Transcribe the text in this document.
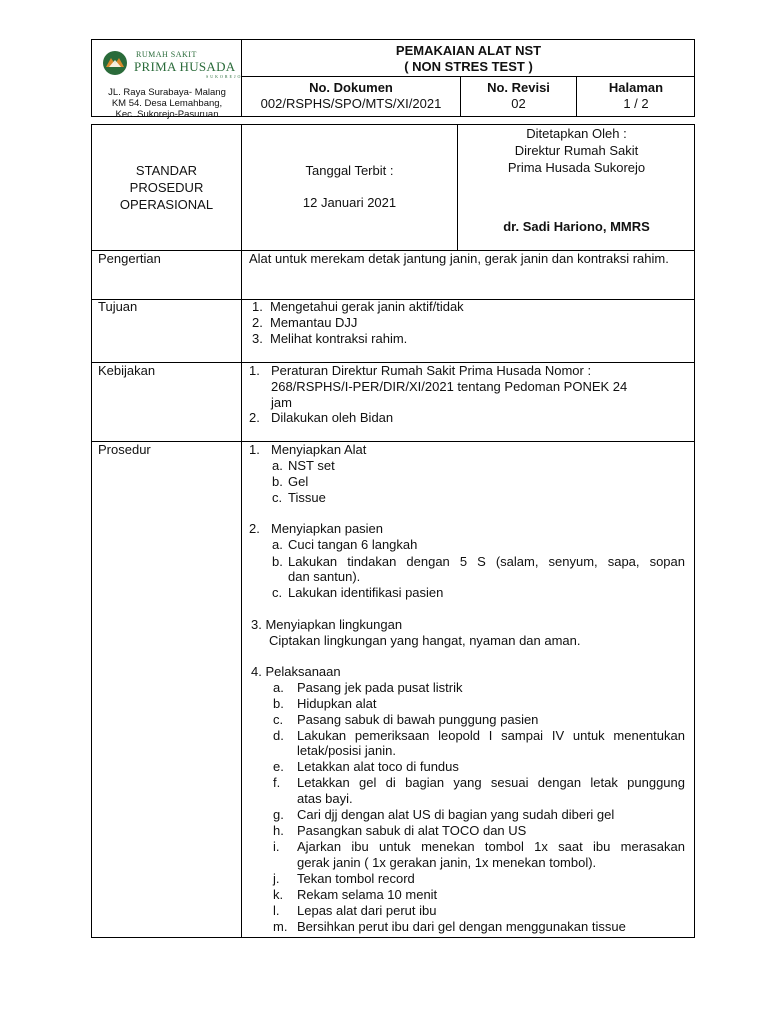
RUMAH SAKIT
PRIMA HUSADA
SUKOREJO
JL. Raya Surabaya- Malang
KM 54. Desa Lemahbang,
Kec. Sukorejo-Pasuruan
PEMAKAIAN ALAT NST
( NON STRES TEST )
No. Dokumen
002/RSPHS/SPO/MTS/XI/2021
No. Revisi
02
Halaman
1 / 2
STANDAR
PROSEDUR
OPERASIONAL
Tanggal Terbit :
12 Januari 2021
Ditetapkan Oleh :
Direktur Rumah Sakit
Prima Husada Sukorejo
dr. Sadi Hariono, MMRS
Pengertian	Alat untuk merekam detak jantung janin, gerak janin dan kontraksi rahim.
Tujuan	1. Mengetahui gerak janin aktif/tidak
2. Memantau DJJ
3. Melihat kontraksi rahim.
Kebijakan	1. Peraturan Direktur Rumah Sakit Prima Husada Nomor :
268/RSPHS/I-PER/DIR/XI/2021 tentang Pedoman PONEK 24
jam
2. Dilakukan oleh Bidan
Prosedur	1. Menyiapkan Alat
a. NST set
b. Gel
c. Tissue
2. Menyiapkan pasien
a. Cuci tangan 6 langkah
b. Lakukan tindakan dengan 5 S (salam, senyum, sapa, sopan
dan santun).
c. Lakukan identifikasi pasien
3. Menyiapkan lingkungan
Ciptakan lingkungan yang hangat, nyaman dan aman.
4. Pelaksanaan
a. Pasang jek pada pusat listrik
b. Hidupkan alat
c. Pasang sabuk di bawah punggung pasien
d. Lakukan pemeriksaan leopold I sampai IV untuk menentukan
letak/posisi janin.
e. Letakkan alat toco di fundus
f. Letakkan gel di bagian yang sesuai dengan letak punggung
atas bayi.
g. Cari djj dengan alat US di bagian yang sudah diberi gel
h. Pasangkan sabuk di alat TOCO dan US
i. Ajarkan ibu untuk menekan tombol 1x saat ibu merasakan
gerak janin ( 1x gerakan janin, 1x menekan tombol).
j. Tekan tombol record
k. Rekam selama 10 menit
l. Lepas alat dari perut ibu
m. Bersihkan perut ibu dari gel dengan menggunakan tissue
